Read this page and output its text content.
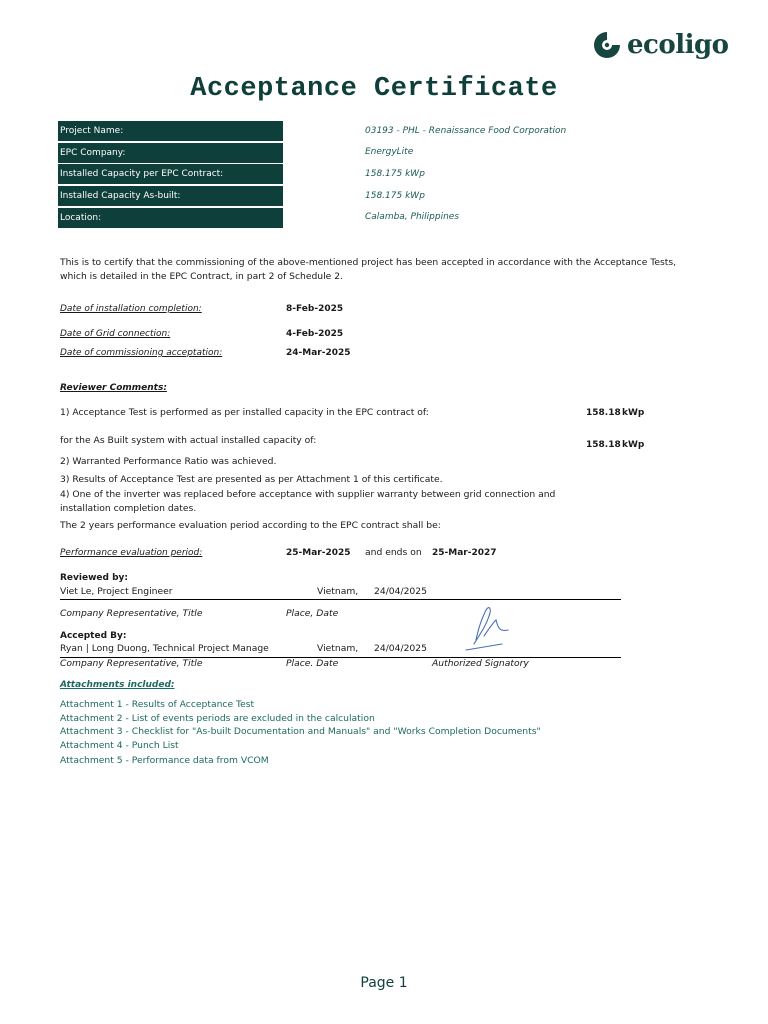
ecoligo
Acceptance Certificate
Project Name:	03193 - PHL - Renaissance Food Corporation
EPC Company:	EnergyLite
Installed Capacity per EPC Contract:	158.175 kWp
Installed Capacity As-built:	158.175 kWp
Location:	Calamba, Philippines
This is to certify that the commissioning of the above-mentioned project has been accepted in accordance with the Acceptance Tests, which is detailed in the EPC Contract, in part 2 of Schedule 2.
Date of installation completion:	8-Feb-2025
Date of Grid connection:	4-Feb-2025
Date of commissioning acceptation:	24-Mar-2025
Reviewer Comments:
1) Acceptance Test is performed as per installed capacity in the EPC contract of:	158.18 kWp
for the As Built system with actual installed capacity of:	158.18 kWp
2) Warranted Performance Ratio was achieved.
3) Results of Acceptance Test are presented as per Attachment 1 of this certificate.
4) One of the inverter was replaced before acceptance with supplier warranty between grid connection and installation completion dates.
The 2 years performance evaluation period according to the EPC contract shall be:
Performance evaluation period:	25-Mar-2025 and ends on 25-Mar-2027
Reviewed by:
Viet Le, Project Engineer	Vietnam, 24/04/2025
Company Representative, Title	Place, Date
Accepted By:
Ryan | Long Duong, Technical Project Manage	Vietnam, 24/04/2025
Company Representative, Title	Place. Date	Authorized Signatory
Attachments included:
Attachment 1 - Results of Acceptance Test
Attachment 2 - List of events periods are excluded in the calculation
Attachment 3 - Checklist for "As-built Documentation and Manuals" and "Works Completion Documents"
Attachment 4 - Punch List
Attachment 5 - Performance data from VCOM
Page 1
